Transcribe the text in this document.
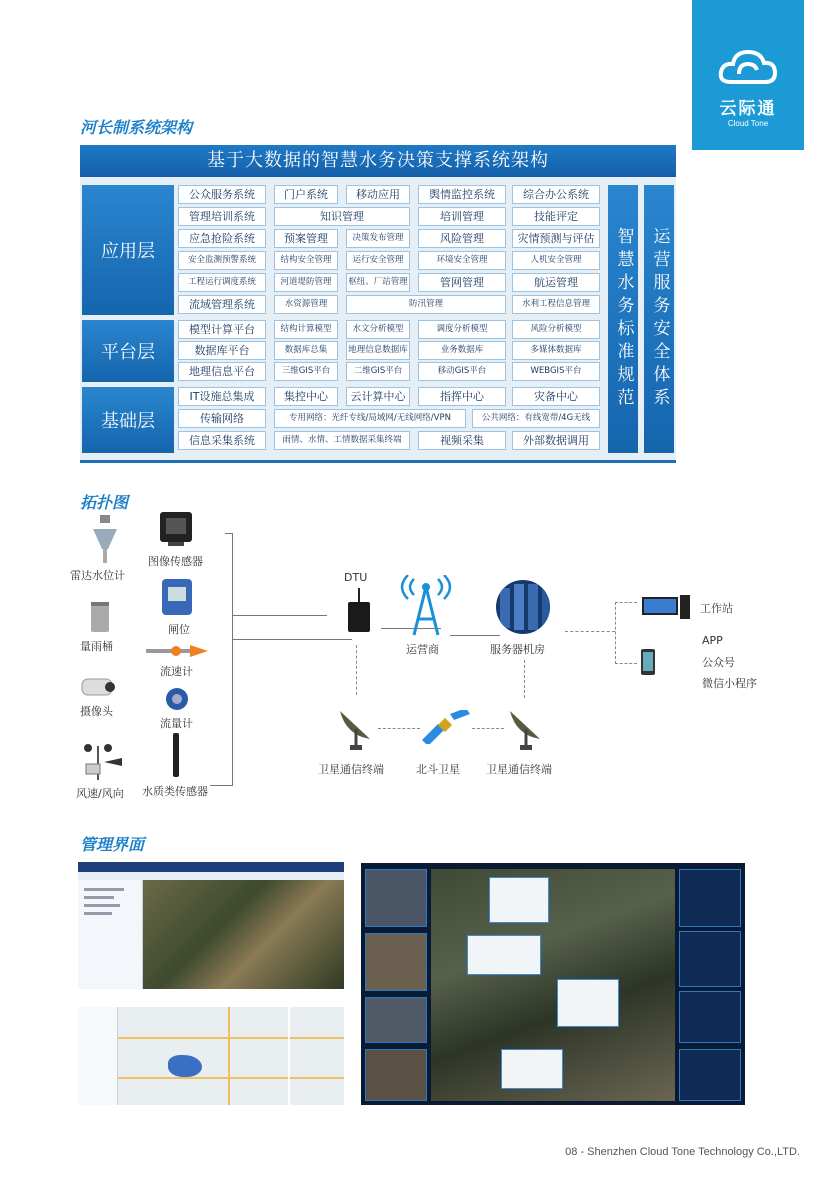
云际通
Cloud Tone
河长制系统架构
基于大数据的智慧水务决策支撑系统架构
应用层
平台层
基础层
公众服务系统	门户系统	移动应用	舆情监控系统	综合办公系统
管理培训系统	知识管理	培训管理	技能评定
应急抢险系统	预案管理	决策发布管理	风险管理	灾情预测与评估
安全监测预警系统	结构安全管理	运行安全管理	环境安全管理	人机安全管理
工程运行调度系统	河道堤防管理	枢纽、厂站管理	管网管理	航运管理
流域管理系统	水资源管理	防汛管理	水利工程信息管理
模型计算平台	结构计算模型	水文分析模型	调度分析模型	风险分析模型
数据库平台	数据库总集	地理信息数据库	业务数据库	多媒体数据库
地理信息平台	三维GIS平台	二维GIS平台	移动GIS平台	WEBGIS平台
IT设施总集成	集控中心	云计算中心	指挥中心	灾备中心
传输网络	专用网络：光纤专线/局域网/无线网络/VPN	公共网络：有线宽带/4G无线
信息采集系统	雨情、水情、工情数据采集终端	视频采集	外部数据调用
智慧水务标准规范 运营服务安全体系
拓扑图
雷达水位计
图像传感器
闸位
量雨桶
流速计
摄像头
流量计
风速/风向 水质类传感器
DTU
运营商	服务器机房
工作站
APP
公众号
微信小程序
卫星通信终端	北斗卫星 卫星通信终端
管理界面
08 - Shenzhen Cloud Tone Technology Co.,LTD.
